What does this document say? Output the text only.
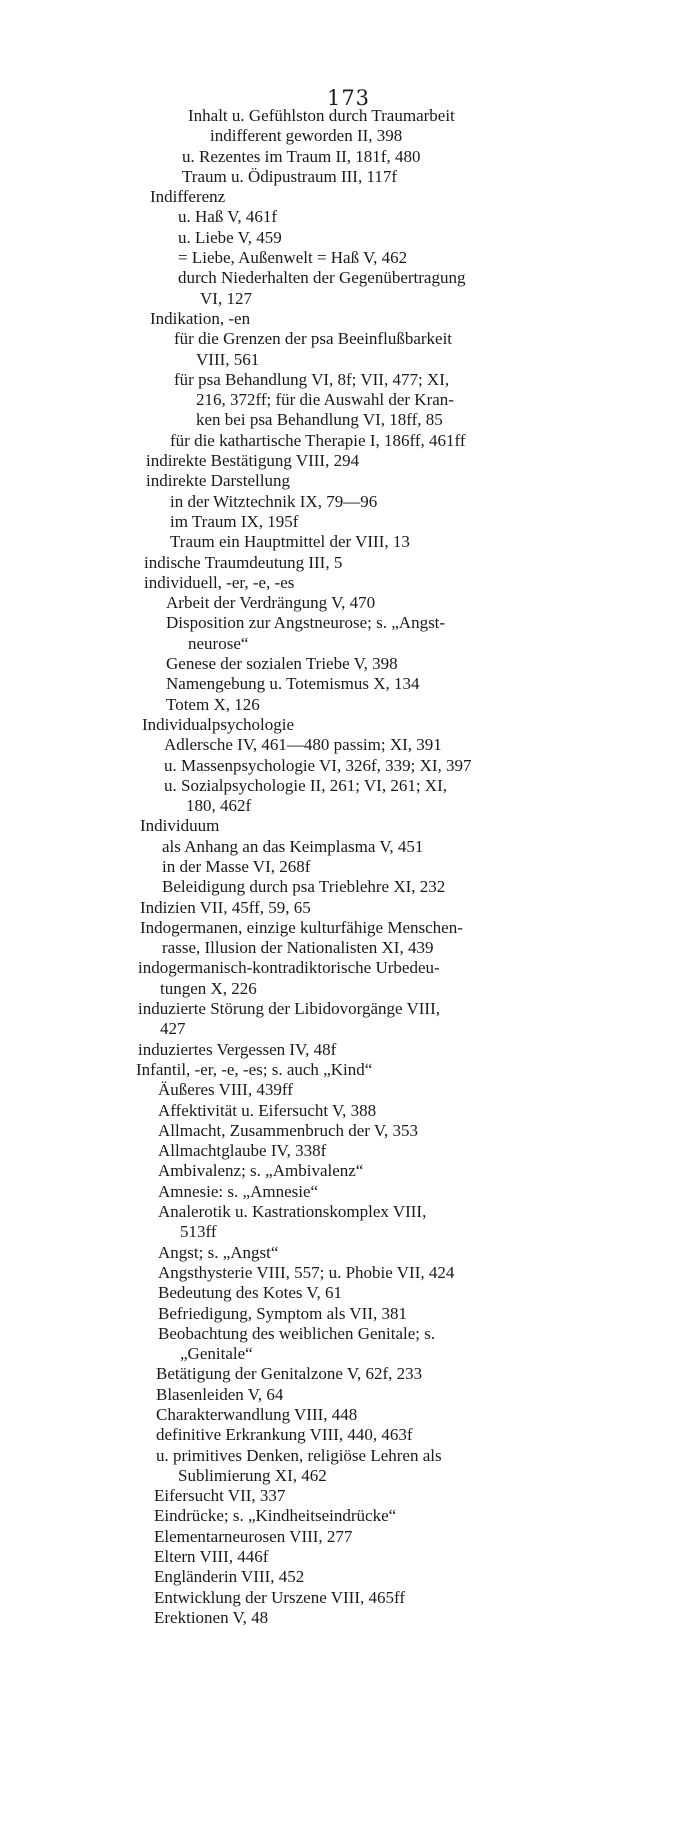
173
Inhalt u. Gefühlston durch Traumarbeit
indifferent geworden II, 398
u. Rezentes im Traum II, 181f, 480
Traum u. Ödipustraum III, 117f
Indifferenz
u. Haß V, 461f
u. Liebe V, 459
= Liebe, Außenwelt = Haß V, 462
durch Niederhalten der Gegenübertragung
VI, 127
Indikation, -en
für die Grenzen der psa Beeinflußbarkeit
VIII, 561
für psa Behandlung VI, 8f; VII, 477; XI,
216, 372ff; für die Auswahl der Kran-
ken bei psa Behandlung VI, 18ff, 85
für die kathartische Therapie I, 186ff, 461ff
indirekte Bestätigung VIII, 294
indirekte Darstellung
in der Witztechnik IX, 79—96
im Traum IX, 195f
Traum ein Hauptmittel der VIII, 13
indische Traumdeutung III, 5
individuell, -er, -e, -es
Arbeit der Verdrängung V, 470
Disposition zur Angstneurose; s. „Angst-
neurose“
Genese der sozialen Triebe V, 398
Namengebung u. Totemismus X, 134
Totem X, 126
Individualpsychologie
Adlersche IV, 461—480 passim; XI, 391
u. Massenpsychologie VI, 326f, 339; XI, 397
u. Sozialpsychologie II, 261; VI, 261; XI,
180, 462f
Individuum
als Anhang an das Keimplasma V, 451
in der Masse VI, 268f
Beleidigung durch psa Trieblehre XI, 232
Indizien VII, 45ff, 59, 65
Indogermanen, einzige kulturfähige Menschen-
rasse, Illusion der Nationalisten XI, 439
indogermanisch-kontradiktorische Urbedeu-
tungen X, 226
induzierte Störung der Libidovorgänge VIII,
427
induziertes Vergessen IV, 48f
Infantil, -er, -e, -es; s. auch „Kind“
Äußeres VIII, 439ff
Affektivität u. Eifersucht V, 388
Allmacht, Zusammenbruch der V, 353
Allmachtglaube IV, 338f
Ambivalenz; s. „Ambivalenz“
Amnesie: s. „Amnesie“
Analerotik u. Kastrationskomplex VIII,
513ff
Angst; s. „Angst“
Angsthysterie VIII, 557; u. Phobie VII, 424
Bedeutung des Kotes V, 61
Befriedigung, Symptom als VII, 381
Beobachtung des weiblichen Genitale; s.
„Genitale“
Betätigung der Genitalzone V, 62f, 233
Blasenleiden V, 64
Charakterwandlung VIII, 448
definitive Erkrankung VIII, 440, 463f
u. primitives Denken, religiöse Lehren als
Sublimierung XI, 462
Eifersucht VII, 337
Eindrücke; s. „Kindheitseindrücke“
Elementarneurosen VIII, 277
Eltern VIII, 446f
Engländerin VIII, 452
Entwicklung der Urszene VIII, 465ff
Erektionen V, 48
